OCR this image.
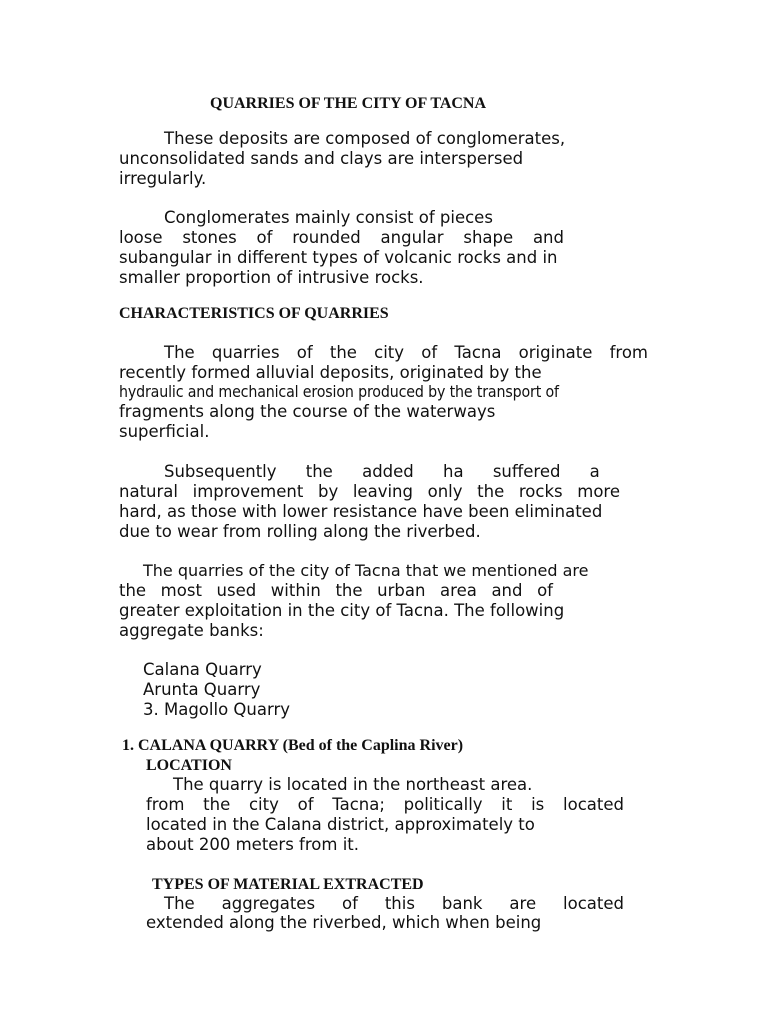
QUARRIES OF THE CITY OF TACNA
These deposits are composed of conglomerates,
unconsolidated sands and clays are interspersed
irregularly.
Conglomerates mainly consist of pieces
loose stones of rounded angular shape and
subangular in different types of volcanic rocks and in
smaller proportion of intrusive rocks.
CHARACTERISTICS OF QUARRIES
The quarries of the city of Tacna originate from
recently formed alluvial deposits, originated by the
hydraulic and mechanical erosion produced by the transport of
fragments along the course of the waterways
superficial.
Subsequently the added ha suffered a
natural improvement by leaving only the rocks more
hard, as those with lower resistance have been eliminated
due to wear from rolling along the riverbed.
The quarries of the city of Tacna that we mentioned are
the most used within the urban area and of
greater exploitation in the city of Tacna. The following
aggregate banks:
Calana Quarry
Arunta Quarry
3. Magollo Quarry
1. CALANA QUARRY (Bed of the Caplina River)
LOCATION
The quarry is located in the northeast area.
from the city of Tacna; politically it is located
located in the Calana district, approximately to
about 200 meters from it.
TYPES OF MATERIAL EXTRACTED
The aggregates of this bank are located
extended along the riverbed, which when being
